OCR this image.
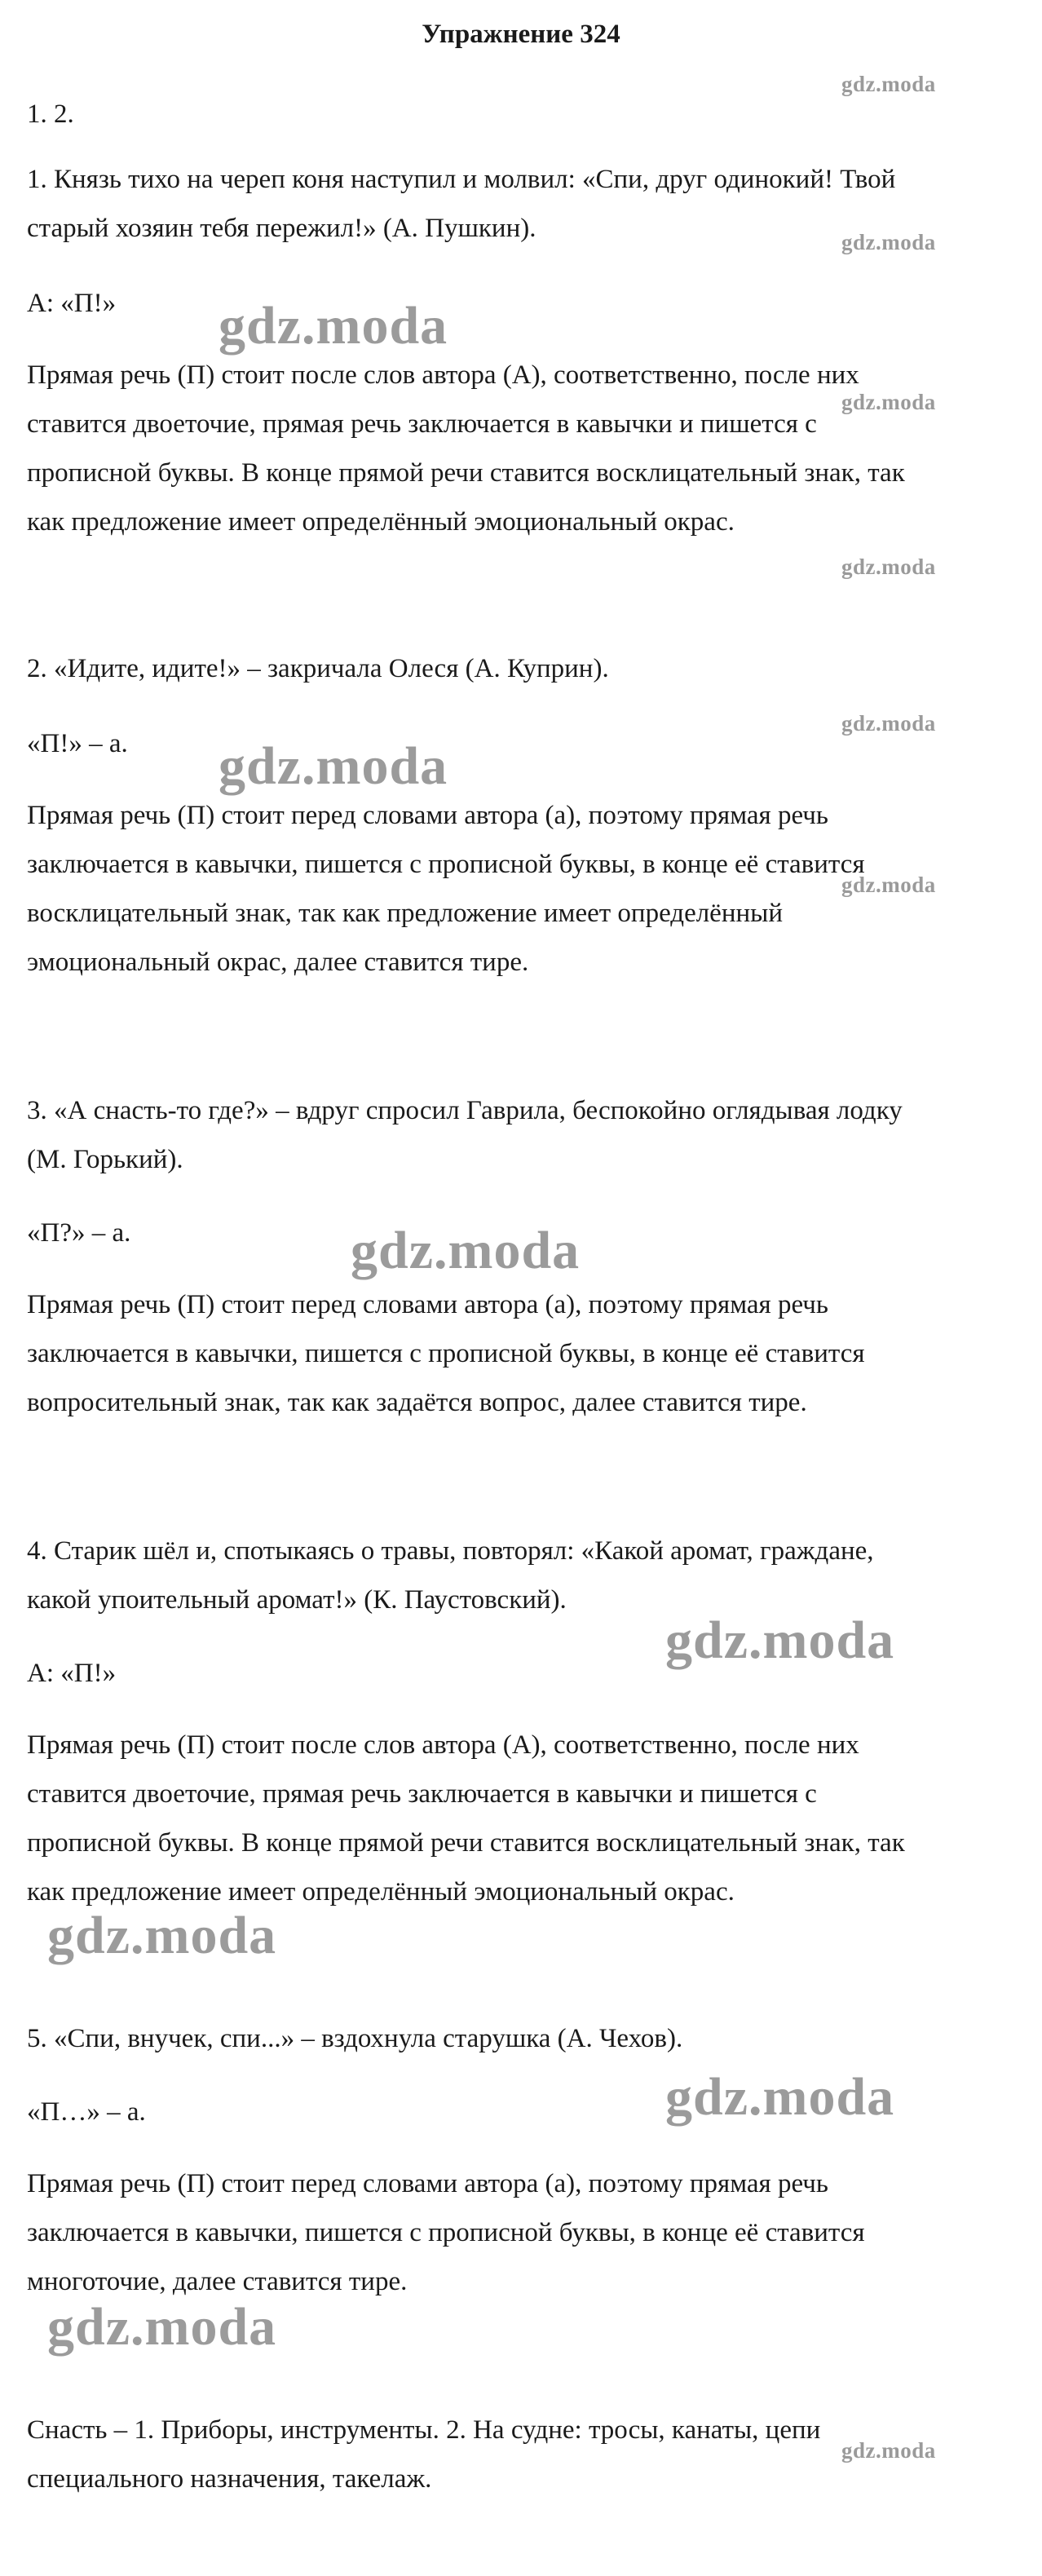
Упражнение 324
1. 2.
1. Князь тихо на череп коня наступил и молвил: «Спи, друг одинокий! Твой
старый хозяин тебя пережил!» (А. Пушкин).
А: «П!»
Прямая речь (П) стоит после слов автора (А), соответственно, после них
ставится двоеточие, прямая речь заключается в кавычки и пишется с
прописной буквы. В конце прямой речи ставится восклицательный знак, так
как предложение имеет определённый эмоциональный окрас.
2. «Идите, идите!» – закричала Олеся (А. Куприн).
«П!» – а.
Прямая речь (П) стоит перед словами автора (а), поэтому прямая речь
заключается в кавычки, пишется с прописной буквы, в конце её ставится
восклицательный знак, так как предложение имеет определённый
эмоциональный окрас, далее ставится тире.
3. «А снасть-то где?» – вдруг спросил Гаврила, беспокойно оглядывая лодку
(М. Горький).
«П?» – а.
Прямая речь (П) стоит перед словами автора (а), поэтому прямая речь
заключается в кавычки, пишется с прописной буквы, в конце её ставится
вопросительный знак, так как задаётся вопрос, далее ставится тире.
4. Старик шёл и, спотыкаясь о травы, повторял: «Какой аромат, граждане,
какой упоительный аромат!» (К. Паустовский).
А: «П!»
Прямая речь (П) стоит после слов автора (А), соответственно, после них
ставится двоеточие, прямая речь заключается в кавычки и пишется с
прописной буквы. В конце прямой речи ставится восклицательный знак, так
как предложение имеет определённый эмоциональный окрас.
5. «Спи, внучек, спи...» – вздохнула старушка (А. Чехов).
«П…» – а.
Прямая речь (П) стоит перед словами автора (а), поэтому прямая речь
заключается в кавычки, пишется с прописной буквы, в конце её ставится
многоточие, далее ставится тире.
Снасть – 1. Приборы, инструменты. 2. На судне: тросы, канаты, цепи
специального назначения, такелаж.
gdz.moda
gdz.moda
gdz.moda
gdz.moda
gdz.moda
gdz.moda
gdz.moda
gdz.moda
gdz.moda
gdz.moda
gdz.moda
gdz.moda
gdz.moda
gdz.moda
